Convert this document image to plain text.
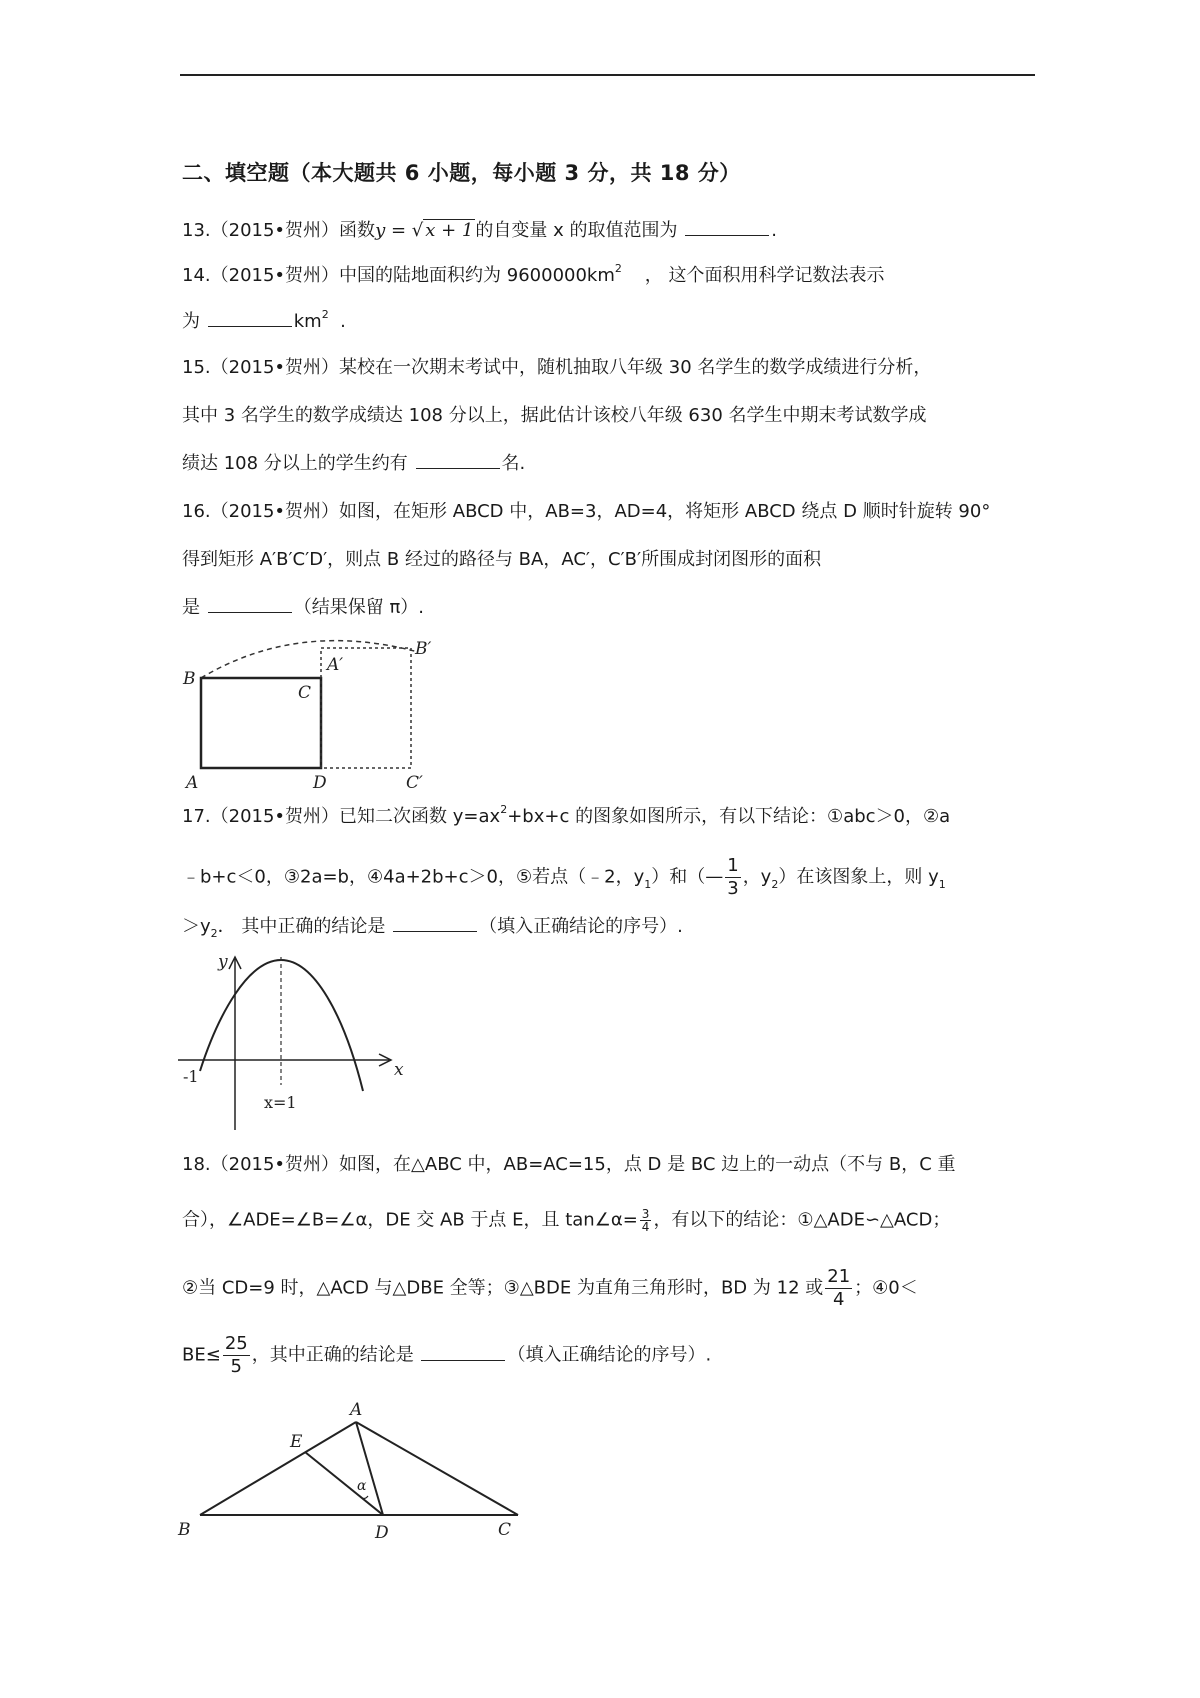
二、填空题（本大题共 6 小题，每小题 3 分，共 18 分）
13.（2015•贺州）函数y = √ x + 1 的自变量 x 的取值范围为	.
14.（2015•贺州）中国的陆地面积约为 $9600000km^2$ ， 这个面积用科学记数法表示
为	$km^2$ .
15.（2015•贺州）某校在一次期末考试中，随机抽取八年级 30 名学生的数学成绩进行分析，
其中 3 名学生的数学成绩达 108 分以上，据此估计该校八年级 630 名学生中期末考试数学成
绩达 108 分以上的学生约有	名.
16.（2015•贺州）如图，在矩形 ABCD 中，AB=3，AD=4，将矩形 ABCD 绕点 D 顺时针旋转 90°
得到矩形 A′B′C′D′，则点 B 经过的路径与 BA，AC′，C′B′所围成封闭图形的面积
是	（结果保留 π）.
B
C
A	D
A′
B′
C′
17.（2015•贺州）已知二次函数 $y=ax^2+bx+c$ 的图象如图所示，有以下结论：①abc＞0，②a
﹣b+c＜0，③2a=b，④4a+2b+c＞0，⑤若点（﹣2，$y_1$）和（— $\frac{1}{3}$ ，$y_2$）在该图象上，则 $y_1$
$>y_2$． 其中正确的结论是	（填入正确结论的序号）.
y
x
-1
x=1
18.（2015•贺州）如图，在△ABC 中，AB=AC=15，点 D 是 BC 边上的一动点（不与 B，C 重
合），∠ADE=∠B=∠α，DE 交 AB 于点 E，且 tan∠α= $\frac{3}{4}$ ，有以下的结论：①△ADE∽△ACD；
②当 CD=9 时，△ACD 与△DBE 全等；③△BDE 为直角三角形时，BD 为 12 或 $\frac{21}{4}$ ；④0＜
$BE\le \frac{25}{5}$ ，其中正确的结论是	（填入正确结论的序号）.
A
B	C
D
E
α
